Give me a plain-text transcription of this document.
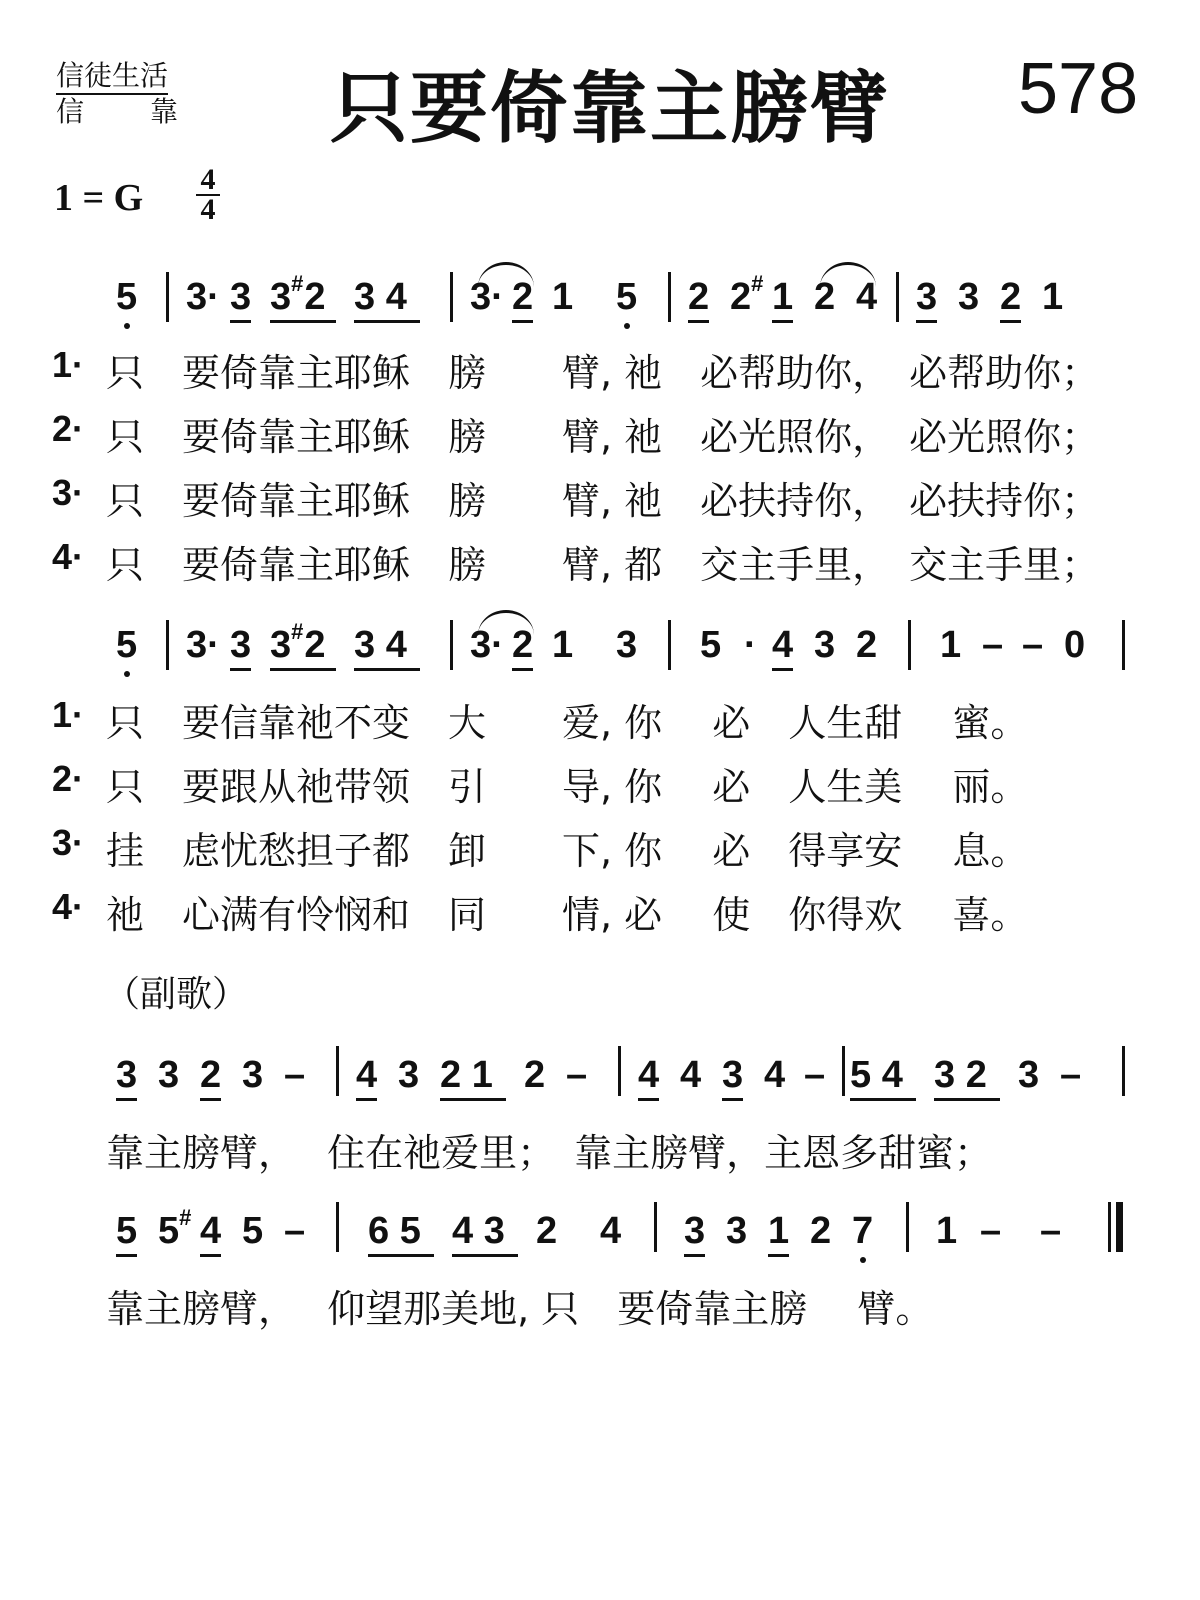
信徒生活
信 靠 只要倚靠主膀臂 578
1 = G 4
4
5 3· 3 3#2 3 4	3· 2 1 5 2 2# 1 2 4 3 3 2 1
1· 只　要倚靠主耶稣　膀　　臂, 祂　必帮助你，　必帮助你；
2· 只　要倚靠主耶稣　膀　　臂, 祂　必光照你，　必光照你；
3· 只　要倚靠主耶稣　膀　　臂, 祂　必扶持你，　必扶持你；
4· 只　要倚靠主耶稣　膀　　臂, 都　交主手里，　交主手里；
5 3· 3 3#2 3 4	3· 2 1 3 5 · 4 3 2 1 – – 0
1· 只　要信靠祂不变　大　　爱, 你　 必　人生甜　 蜜。
2· 只　要跟从祂带领　引　　导, 你　 必　人生美　 丽。
3· 挂　虑忧愁担子都　卸　　下, 你　 必　得享安　 息。
4· 祂　心满有怜悯和　同　　情, 必　 使　你得欢　 喜。
（副歌）
3 3 2 3 – 4 3 2 1 2 – 4 4 3 4 – 5 4 3 2 3 –
靠主膀臂，　 住在祂爱里；　靠主膀臂，主恩多甜蜜；
5 5# 4 5 – 6 5 4 3 2 4 3 3 1 2 7 1 – –
靠主膀臂，　 仰望那美地, 只　要倚靠主膀　 臂。
